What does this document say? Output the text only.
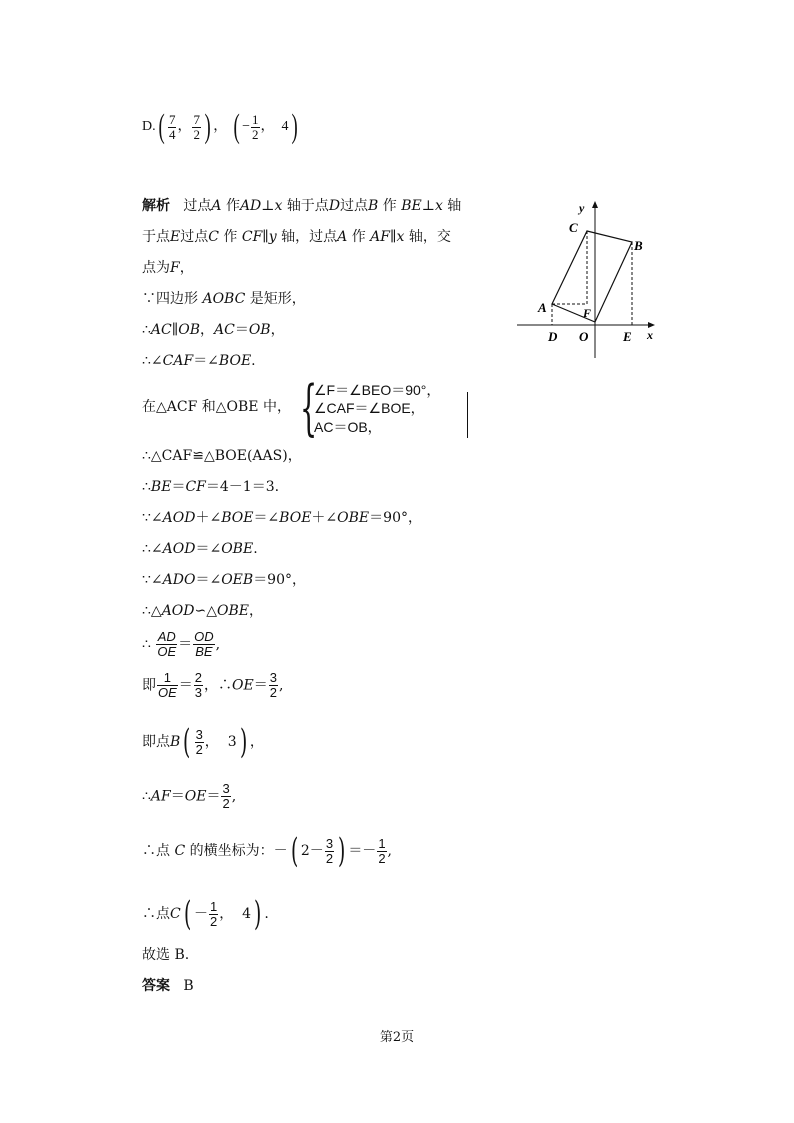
$D.( \frac{7}{4}$ ， $\frac{7}{2}$ ) ， ( − $\frac{1}{2}$ ，  4)
解析 过点A 作AD⊥x 轴于点D过点B 作 BE⊥x 轴
于点E过点C 作 CF∥y 轴，过点A 作 AF∥x 轴，交
点为F，
∵四边形 AOBC 是矩形，
∴AC∥OB，AC＝OB，
∴∠CAF＝∠BOE.
在△ACF 和△OBE 中， {
∠F＝∠BEO＝90°，
∠CAF＝∠BOE，
AC＝OB，
∴△CAF≌△BOE(AAS)，
∴BE＝CF＝4－1＝3.
∵∠AOD＋∠BOE＝∠BOE＋∠OBE＝90°，
∴∠AOD＝∠OBE.
∵∠ADO＝∠OEB＝90°，
∴△AOD∽△OBE，
∴ $\frac{AD}{OE} = \frac{OD}{BE}$ ,
即 $\frac{1}{OE} = \frac{2}{3}$ ，∴OE＝ $\frac{3}{2}$ ,
即点$B( \frac{3}{2}$ ，  3) ，
∴AF＝OE＝ $\frac{3}{2}$ ,
∴点 C 的横坐标为：－( $2- \frac{3}{2}$ ) ＝－ $\frac{1}{2}$ ,
∴点$C( - \frac{1}{2}$ ，  4) .
故选 B.
答案 B
y
x
C
B
A	F
D O	E
第2页
